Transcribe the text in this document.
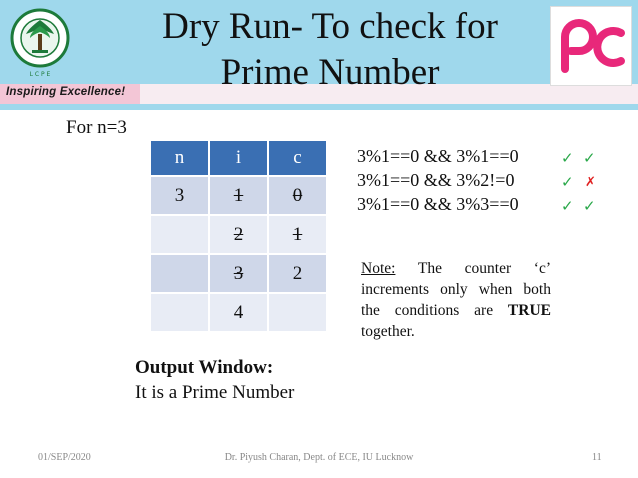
L C P E
Inspiring Excellence!
Dry Run- To check for
Prime Number
For n=3
n	i	c
3	1	0
	2	1
	3	2
	4	
3%1==0 && 3%1==0	✓ ✓
3%1==0 && 3%2!=0	✓ ✗
3%1==0 && 3%3==0	✓ ✓
Note: The counter ‘c’ increments only when both the conditions are TRUE together.
Output Window:
It is a Prime Number
01/SEP/2020	Dr. Piyush Charan, Dept. of ECE, IU Lucknow	11
